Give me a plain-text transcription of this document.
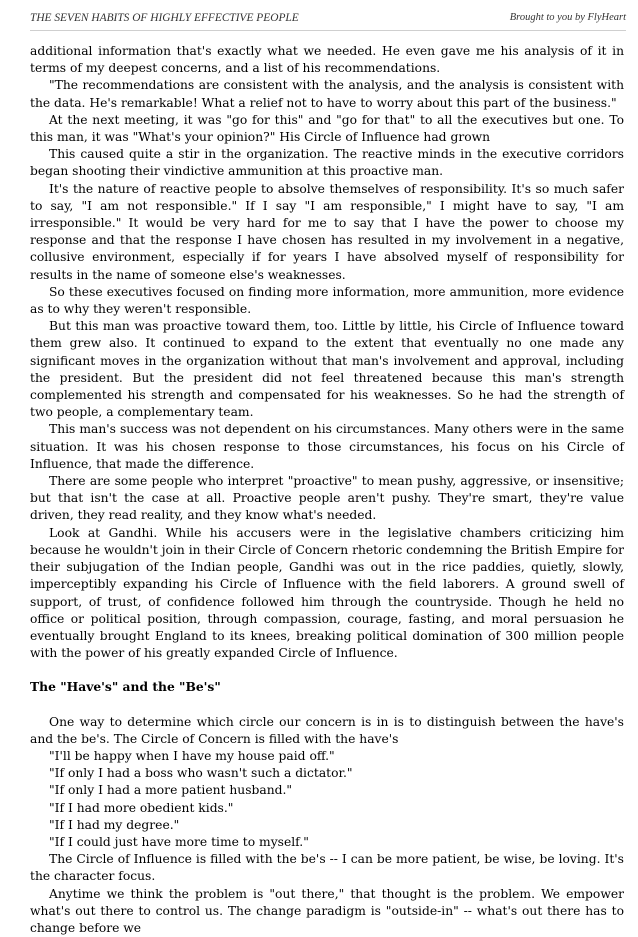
THE SEVEN HABITS OF HIGHLY EFFECTIVE PEOPLE	Brought to you by FlyHeart

additional information that's exactly what we needed. He even gave me his analysis of it in terms of my deepest concerns, and a list of his recommendations.

"The recommendations are consistent with the analysis, and the analysis is consistent with the data. He's remarkable! What a relief not to have to worry about this part of the business."

At the next meeting, it was "go for this" and "go for that" to all the executives but one. To this man, it was "What's your opinion?" His Circle of Influence had grown

This caused quite a stir in the organization. The reactive minds in the executive corridors began shooting their vindictive ammunition at this proactive man.

It's the nature of reactive people to absolve themselves of responsibility. It's so much safer to say, "I am not responsible." If I say "I am responsible," I might have to say, "I am irresponsible." It would be very hard for me to say that I have the power to choose my response and that the response I have chosen has resulted in my involvement in a negative, collusive environment, especially if for years I have absolved myself of responsibility for results in the name of someone else's weaknesses.

So these executives focused on finding more information, more ammunition, more evidence as to why they weren't responsible.

But this man was proactive toward them, too. Little by little, his Circle of Influence toward them grew also. It continued to expand to the extent that eventually no one made any significant moves in the organization without that man's involvement and approval, including the president. But the president did not feel threatened because this man's strength complemented his strength and compensated for his weaknesses. So he had the strength of two people, a complementary team.

This man's success was not dependent on his circumstances. Many others were in the same situation. It was his chosen response to those circumstances, his focus on his Circle of Influence, that made the difference.

There are some people who interpret "proactive" to mean pushy, aggressive, or insensitive; but that isn't the case at all. Proactive people aren't pushy. They're smart, they're value driven, they read reality, and they know what's needed.

Look at Gandhi. While his accusers were in the legislative chambers criticizing him because he wouldn't join in their Circle of Concern rhetoric condemning the British Empire for their subjugation of the Indian people, Gandhi was out in the rice paddies, quietly, slowly, imperceptibly expanding his Circle of Influence with the field laborers. A ground swell of support, of trust, of confidence followed him through the countryside. Though he held no office or political position, through compassion, courage, fasting, and moral persuasion he eventually brought England to its knees, breaking political domination of 300 million people with the power of his greatly expanded Circle of Influence.

The "Have's" and the "Be's"

One way to determine which circle our concern is in is to distinguish between the have's and the be's. The Circle of Concern is filled with the have's

"I'll be happy when I have my house paid off."

"If only I had a boss who wasn't such a dictator."

"If only I had a more patient husband."

"If I had more obedient kids."

"If I had my degree."

"If I could just have more time to myself."

The Circle of Influence is filled with the be's -- I can be more patient, be wise, be loving. It's the character focus.

Anytime we think the problem is "out there," that thought is the problem. We empower what's out there to control us. The change paradigm is "outside-in" -- what's out there has to change before we
